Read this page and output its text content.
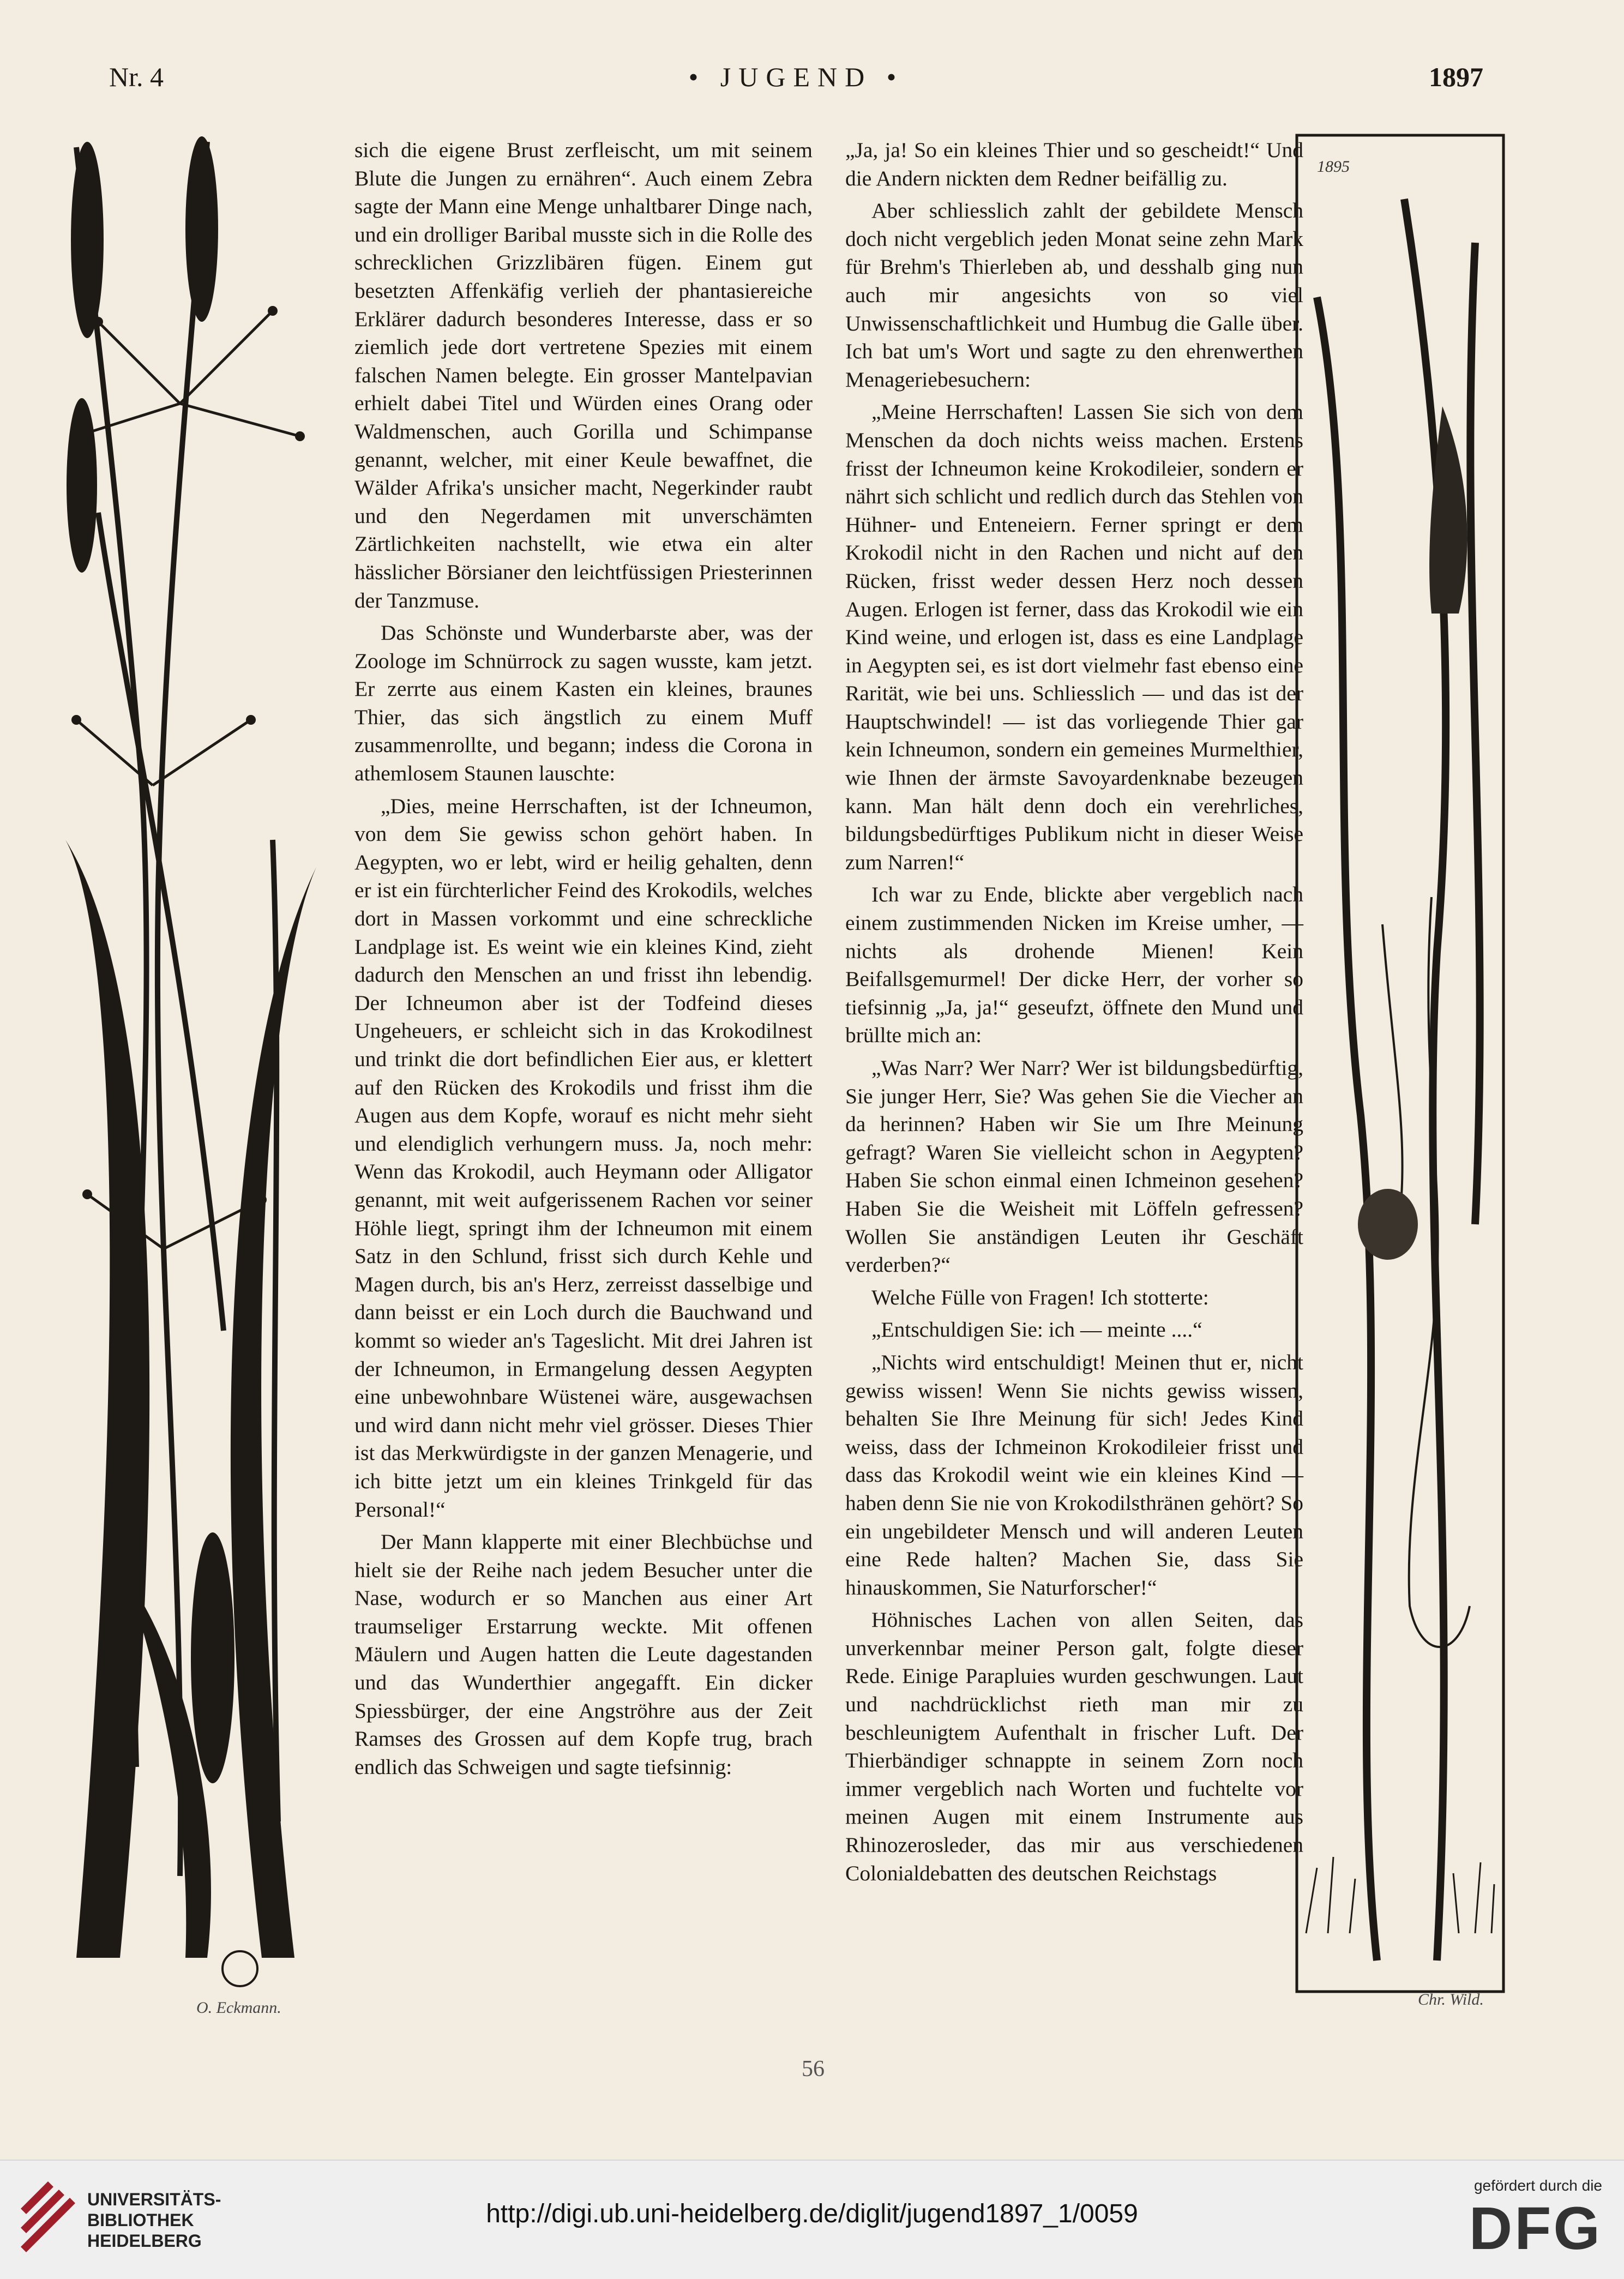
Nr. 4	• JUGEND •	1897

sich die eigene Brust zerfleischt, um mit seinem Blute die Jungen zu ernähren“. Auch einem Zebra sagte der Mann eine Menge unhaltbarer Dinge nach, und ein drolliger Baribal musste sich in die Rolle des schrecklichen Grizzlibären fügen. Einem gut besetzten Affenkäfig verlieh der phantasiereiche Erklärer dadurch besonderes Interesse, dass er so ziemlich jede dort vertretene Spezies mit einem falschen Namen belegte. Ein grosser Mantelpavian erhielt dabei Titel und Würden eines Orang oder Waldmenschen, auch Gorilla und Schimpanse genannt, welcher, mit einer Keule bewaffnet, die Wälder Afrika's unsicher macht, Negerkinder raubt und den Negerdamen mit unverschämten Zärtlichkeiten nachstellt, wie etwa ein alter hässlicher Börsianer den leichtfüssigen Priesterinnen der Tanzmuse.

Das Schönste und Wunderbarste aber, was der Zoologe im Schnürrock zu sagen wusste, kam jetzt. Er zerrte aus einem Kasten ein kleines, braunes Thier, das sich ängstlich zu einem Muff zusammenrollte, und begann; indess die Corona in athemlosem Staunen lauschte:

„Dies, meine Herrschaften, ist der Ichneumon, von dem Sie gewiss schon gehört haben. In Aegypten, wo er lebt, wird er heilig gehalten, denn er ist ein fürchterlicher Feind des Krokodils, welches dort in Massen vorkommt und eine schreckliche Landplage ist. Es weint wie ein kleines Kind, zieht dadurch den Menschen an und frisst ihn lebendig. Der Ichneumon aber ist der Todfeind dieses Ungeheuers, er schleicht sich in das Krokodilnest und trinkt die dort befindlichen Eier aus, er klettert auf den Rücken des Krokodils und frisst ihm die Augen aus dem Kopfe, worauf es nicht mehr sieht und elendiglich verhungern muss. Ja, noch mehr: Wenn das Krokodil, auch Heymann oder Alligator genannt, mit weit aufgerissenem Rachen vor seiner Höhle liegt, springt ihm der Ichneumon mit einem Satz in den Schlund, frisst sich durch Kehle und Magen durch, bis an's Herz, zerreisst dasselbige und dann beisst er ein Loch durch die Bauchwand und kommt so wieder an's Tageslicht. Mit drei Jahren ist der Ichneumon, in Ermangelung dessen Aegypten eine unbewohnbare Wüstenei wäre, ausgewachsen und wird dann nicht mehr viel grösser. Dieses Thier ist das Merkwürdigste in der ganzen Menagerie, und ich bitte jetzt um ein kleines Trinkgeld für das Personal!“

Der Mann klapperte mit einer Blechbüchse und hielt sie der Reihe nach jedem Besucher unter die Nase, wodurch er so Manchen aus einer Art traumseliger Erstarrung weckte. Mit offenen Mäulern und Augen hatten die Leute dagestanden und das Wunderthier angegafft. Ein dicker Spiessbürger, der eine Angströhre aus der Zeit Ramses des Grossen auf dem Kopfe trug, brach endlich das Schweigen und sagte tiefsinnig:

„Ja, ja! So ein kleines Thier und so gescheidt!“ Und die Andern nickten dem Redner beifällig zu.

Aber schliesslich zahlt der gebildete Mensch doch nicht vergeblich jeden Monat seine zehn Mark für Brehm's Thierleben ab, und desshalb ging nun auch mir angesichts von so viel Unwissenschaftlichkeit und Humbug die Galle über. Ich bat um's Wort und sagte zu den ehrenwerthen Menageriebesuchern:

„Meine Herrschaften! Lassen Sie sich von dem Menschen da doch nichts weiss machen. Erstens frisst der Ichneumon keine Krokodileier, sondern er nährt sich schlicht und redlich durch das Stehlen von Hühner- und Enteneiern. Ferner springt er dem Krokodil nicht in den Rachen und nicht auf den Rücken, frisst weder dessen Herz noch dessen Augen. Erlogen ist ferner, dass das Krokodil wie ein Kind weine, und erlogen ist, dass es eine Landplage in Aegypten sei, es ist dort vielmehr fast ebenso eine Rarität, wie bei uns. Schliesslich — und das ist der Hauptschwindel! — ist das vorliegende Thier gar kein Ichneumon, sondern ein gemeines Murmelthier, wie Ihnen der ärmste Savoyardenknabe bezeugen kann. Man hält denn doch ein verehrliches, bildungsbedürftiges Publikum nicht in dieser Weise zum Narren!“

Ich war zu Ende, blickte aber vergeblich nach einem zustimmenden Nicken im Kreise umher, — nichts als drohende Mienen! Kein Beifallsgemurmel! Der dicke Herr, der vorher so tiefsinnig „Ja, ja!“ geseufzt, öffnete den Mund und brüllte mich an:

„Was Narr? Wer Narr? Wer ist bildungsbedürftig, Sie junger Herr, Sie? Was gehen Sie die Viecher an da herinnen? Haben wir Sie um Ihre Meinung gefragt? Waren Sie vielleicht schon in Aegypten? Haben Sie schon einmal einen Ichmeinon gesehen? Haben Sie die Weisheit mit Löffeln gefressen? Wollen Sie anständigen Leuten ihr Geschäft verderben?“

Welche Fülle von Fragen! Ich stotterte:

„Entschuldigen Sie: ich — meinte ....“

„Nichts wird entschuldigt! Meinen thut er, nicht gewiss wissen! Wenn Sie nichts gewiss wissen, behalten Sie Ihre Meinung für sich! Jedes Kind weiss, dass der Ichmeinon Krokodileier frisst und dass das Krokodil weint wie ein kleines Kind — haben denn Sie nie von Krokodilsthränen gehört? So ein ungebildeter Mensch und will anderen Leuten eine Rede halten? Machen Sie, dass Sie hinauskommen, Sie Naturforscher!“

Höhnisches Lachen von allen Seiten, das unverkennbar meiner Person galt, folgte dieser Rede. Einige Parapluies wurden geschwungen. Laut und nachdrücklichst rieth man mir zu beschleunigtem Aufenthalt in frischer Luft. Der Thierbändiger schnappte in seinem Zorn noch immer vergeblich nach Worten und fuchtelte vor meinen Augen mit einem Instrumente aus Rhinozerosleder, das mir aus verschiedenen Colonialdebatten des deutschen Reichstags

1895
O. Eckmann.	Chr. Wild.
56
UNIVERSITÄTS-
BIBLIOTHEK
HEIDELBERG
http://digi.ub.uni-heidelberg.de/diglit/jugend1897_1/0059
gefördert durch die
DFG
